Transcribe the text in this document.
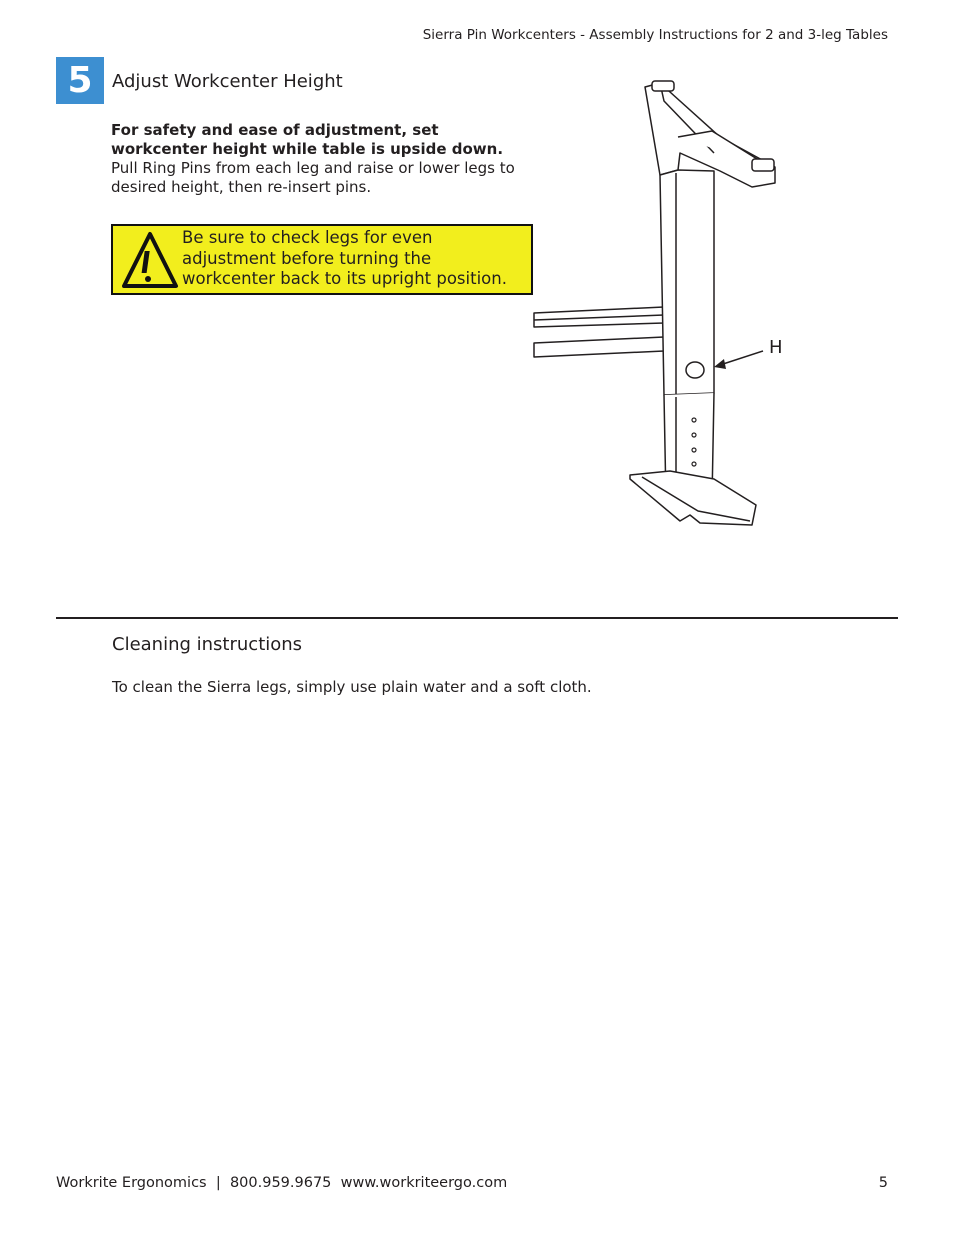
Sierra Pin Workcenters - Assembly Instructions for 2 and 3-leg Tables
5	Adjust Workcenter Height
For safety and ease of adjustment, set workcenter height while table is upside down.
Pull Ring Pins from each leg and raise or lower legs to desired height, then re-insert pins.
Be sure to check legs for even adjustment before turning the workcenter back to its upright position.
H
Cleaning instructions
To clean the Sierra legs, simply use plain water and a soft cloth.
Workrite Ergonomics  |  800.959.9675 www.workriteergo.com	5
